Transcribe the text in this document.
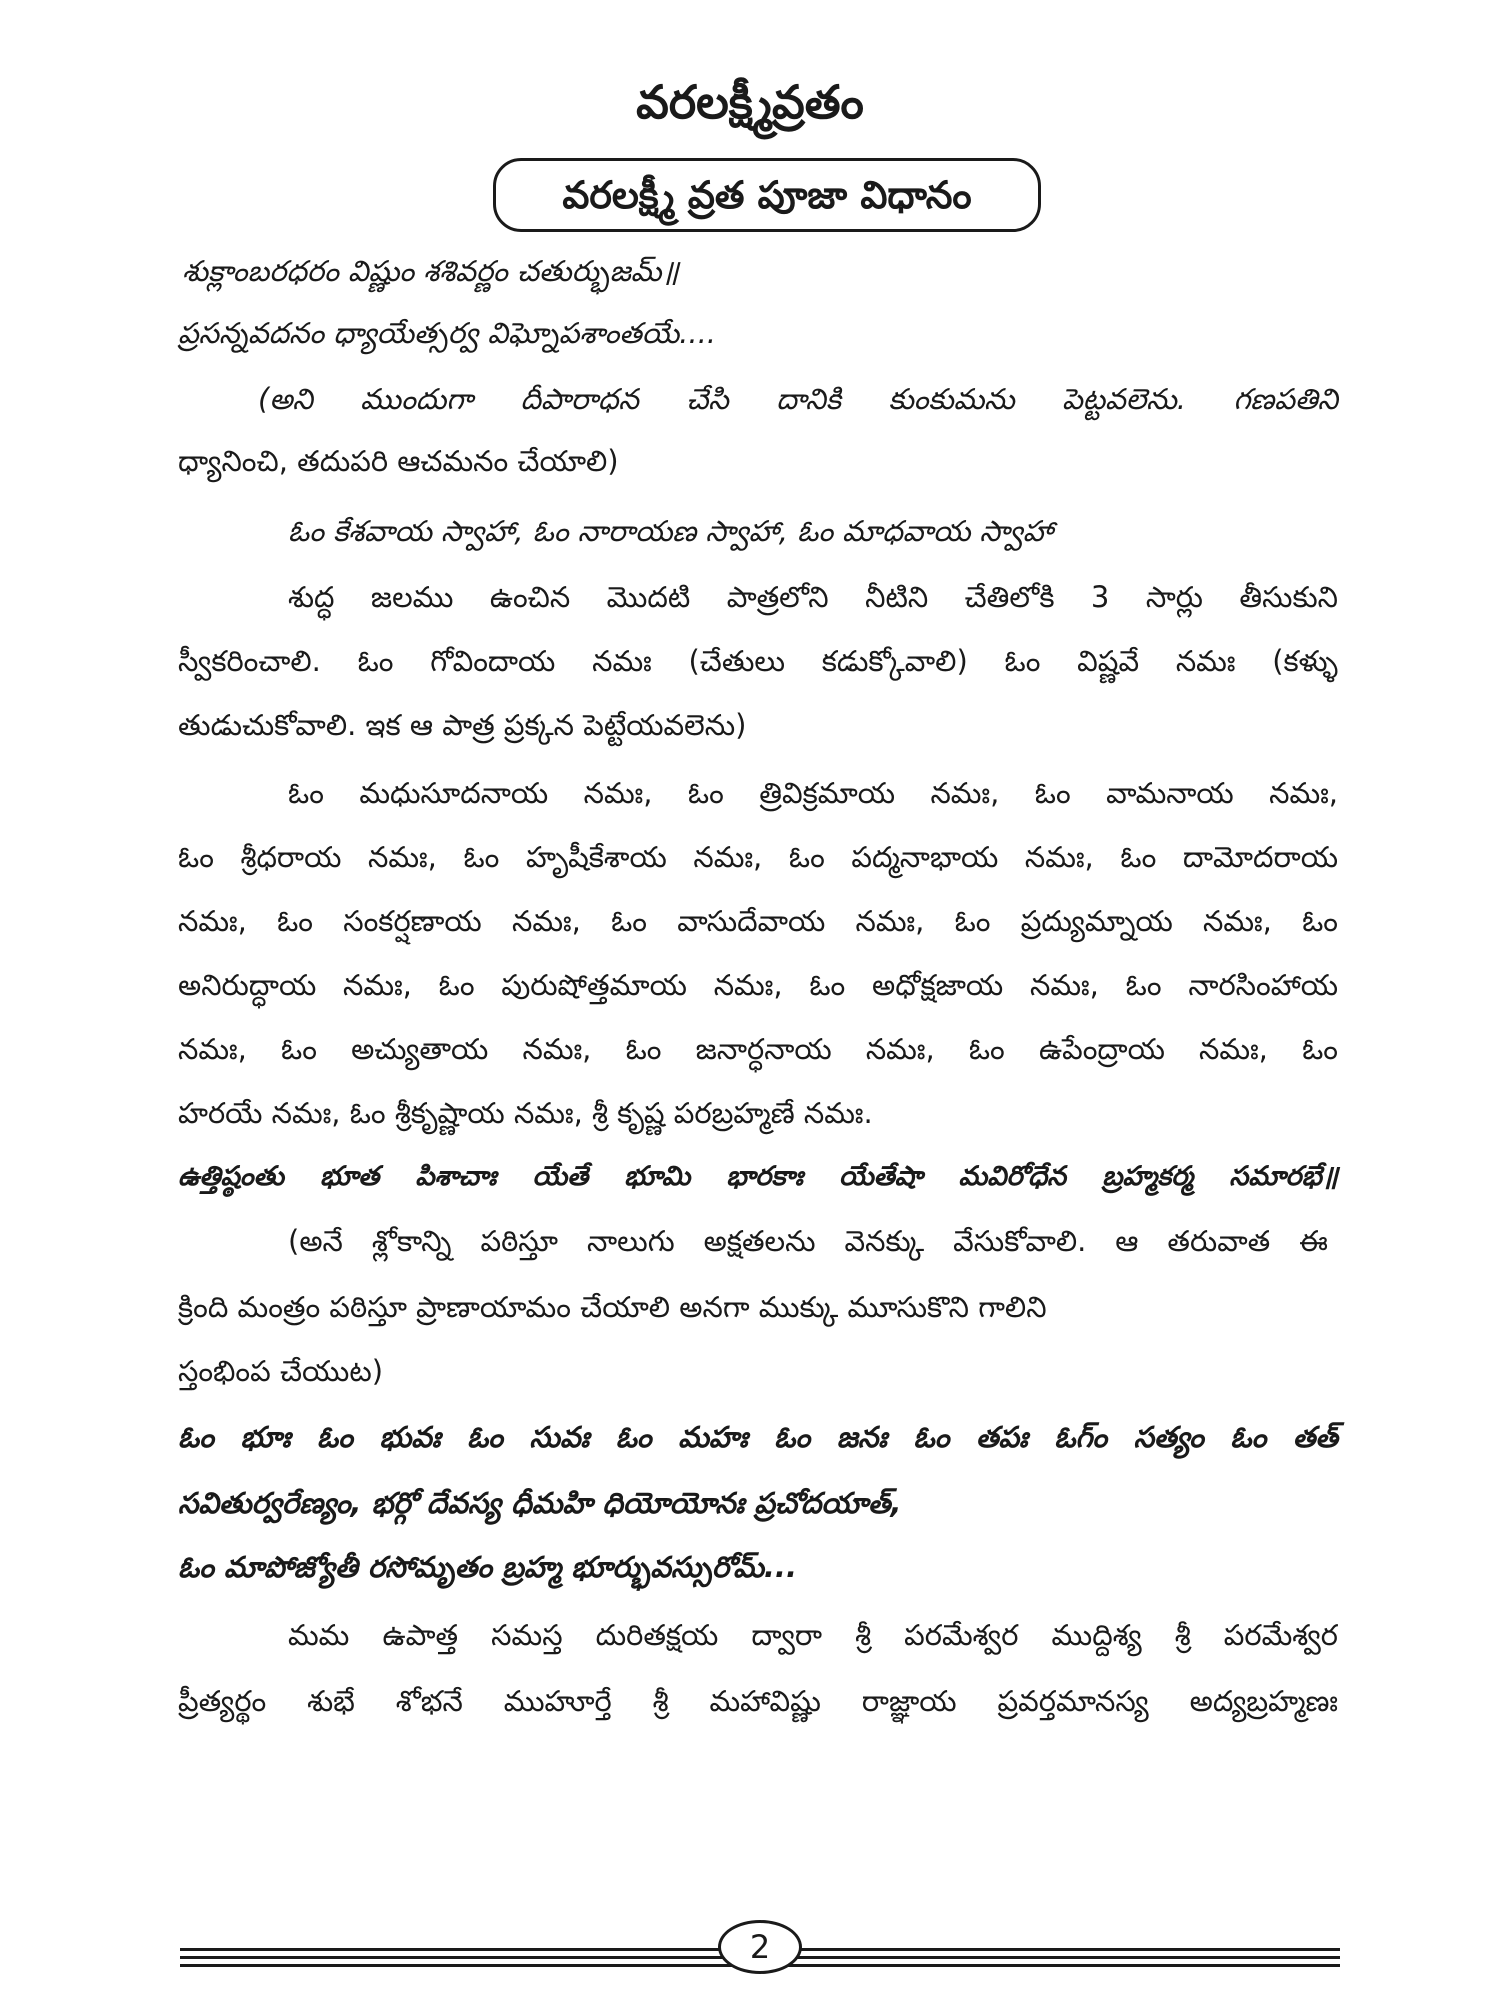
వరలక్ష్మీవ్రతం
వరలక్ష్మీ వ్రత పూజా విధానం
శుక్లాంబరధరం విష్ణుం శశివర్ణం చతుర్భుజమ్॥
ప్రసన్నవదనం ధ్యాయేత్సర్వ విఘ్నోపశాంతయే....
(అని ముందుగా దీపారాధన చేసి దానికి కుంకుమను పెట్టవలెను. గణపతిని
ధ్యానించి, తదుపరి ఆచమనం చేయాలి)
ఓం కేశవాయ స్వాహా, ఓం నారాయణ స్వాహా, ఓం మాధవాయ స్వాహా
శుద్ధ జలము ఉంచిన మొదటి పాత్రలోని నీటిని చేతిలోకి 3 సార్లు తీసుకుని
స్వీకరించాలి. ఓం గోవిందాయ నమః (చేతులు కడుక్కోవాలి) ఓం విష్ణవే నమః (కళ్ళు
తుడుచుకోవాలి. ఇక ఆ పాత్ర ప్రక్కన పెట్టేయవలెను)
ఓం మధుసూదనాయ నమః, ఓం త్రివిక్రమాయ నమః, ఓం వామనాయ నమః,
ఓం శ్రీధరాయ నమః, ఓం హృషీకేశాయ నమః, ఓం పద్మనాభాయ నమః, ఓం దామోదరాయ
నమః, ఓం సంకర్షణాయ నమః, ఓం వాసుదేవాయ నమః, ఓం ప్రద్యుమ్నాయ నమః, ఓం
అనిరుద్ధాయ నమః, ఓం పురుషోత్తమాయ నమః, ఓం అధోక్షజాయ నమః, ఓం నారసింహాయ
నమః, ఓం అచ్యుతాయ నమః, ఓం జనార్ధనాయ నమః, ఓం ఉపేంద్రాయ నమః, ఓం
హరయే నమః, ఓం శ్రీకృష్ణాయ నమః, శ్రీ కృష్ణ పరబ్రహ్మణే నమః.
ఉత్తిష్ఠంతు భూత పిశాచాః యేతే భూమి భారకాః యేతేషా మవిరోధేన బ్రహ్మకర్మ సమారభే॥
(అనే శ్లోకాన్ని పఠిస్తూ నాలుగు అక్షతలను వెనక్కు వేసుకోవాలి. ఆ తరువాత ఈ
క్రింది మంత్రం పఠిస్తూ ప్రాణాయామం చేయాలి అనగా ముక్కు మూసుకొని గాలిని
స్తంభింప చేయుట)
ఓం భూః ఓం భువః ఓం సువః ఓం మహః ఓం జనః ఓం తపః ఓగ్ం సత్యం ఓం తత్
సవితుర్వరేణ్యం, భర్గో దేవస్య ధీమహి ధియోయోనః ప్రచోదయాత్,
ఓం మాపోజ్యోతీ రసోమృతం బ్రహ్మ భూర్భువస్సురోమ్...
మమ ఉపాత్త సమస్త దురితక్షయ ద్వారా శ్రీ పరమేశ్వర ముద్దిశ్య శ్రీ పరమేశ్వర
ప్రీత్యర్థం శుభే శోభనే ముహూర్తే శ్రీ మహావిష్ణు రాజ్ఞాయ ప్రవర్తమానస్య అద్యబ్రహ్మణః
2
